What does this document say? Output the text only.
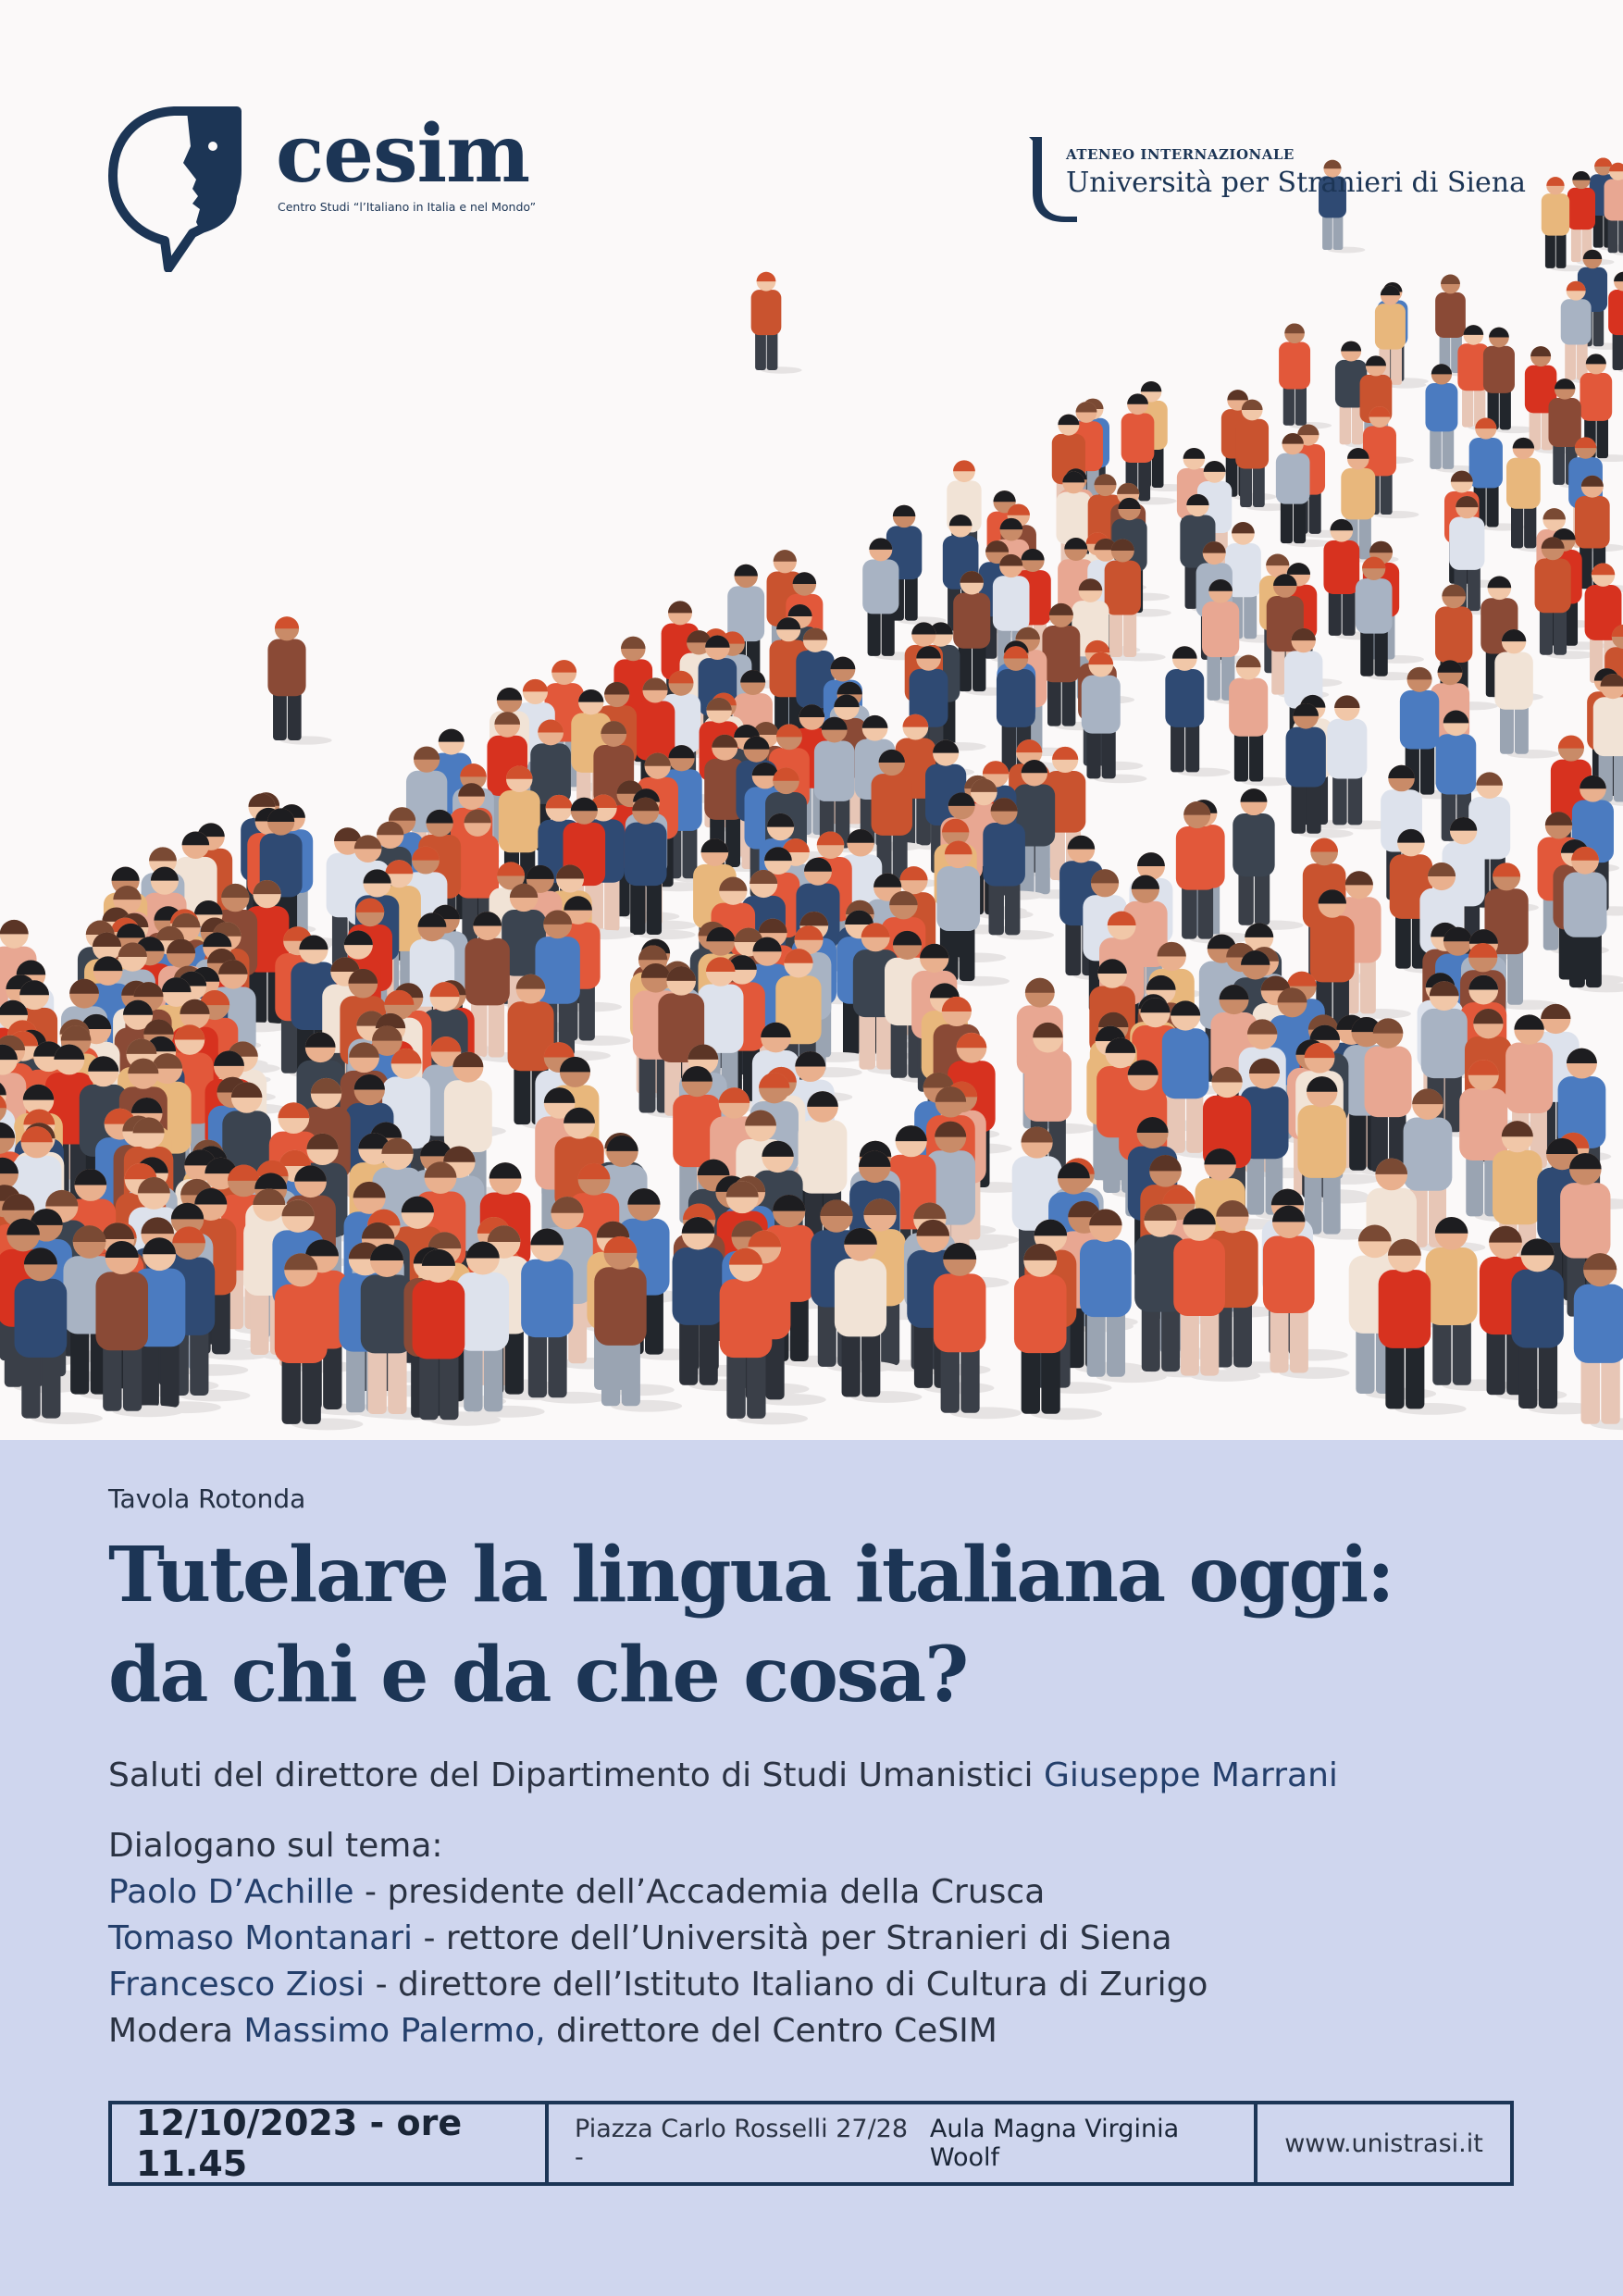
cesim
Centro Studi “l’Italiano in Italia e nel Mondo”
ATENEO INTERNAZIONALE
Università per Stranieri di Siena
Tavola Rotonda
Tutelare la lingua italiana oggi:
da chi e da che cosa?
Saluti del direttore del Dipartimento di Studi Umanistici Giuseppe Marrani
Dialogano sul tema:
Paolo D’Achille - presidente dell’Accademia della Crusca
Tomaso Montanari - rettore dell’Università per Stranieri di Siena
Francesco Ziosi - direttore dell’Istituto Italiano di Cultura di Zurigo
Modera Massimo Palermo, direttore del Centro CeSIM
12/10/2023 - ore 11.45
Piazza Carlo Rosselli 27/28 -

Aula Magna Virginia Woolf	www.unistrasi.it
